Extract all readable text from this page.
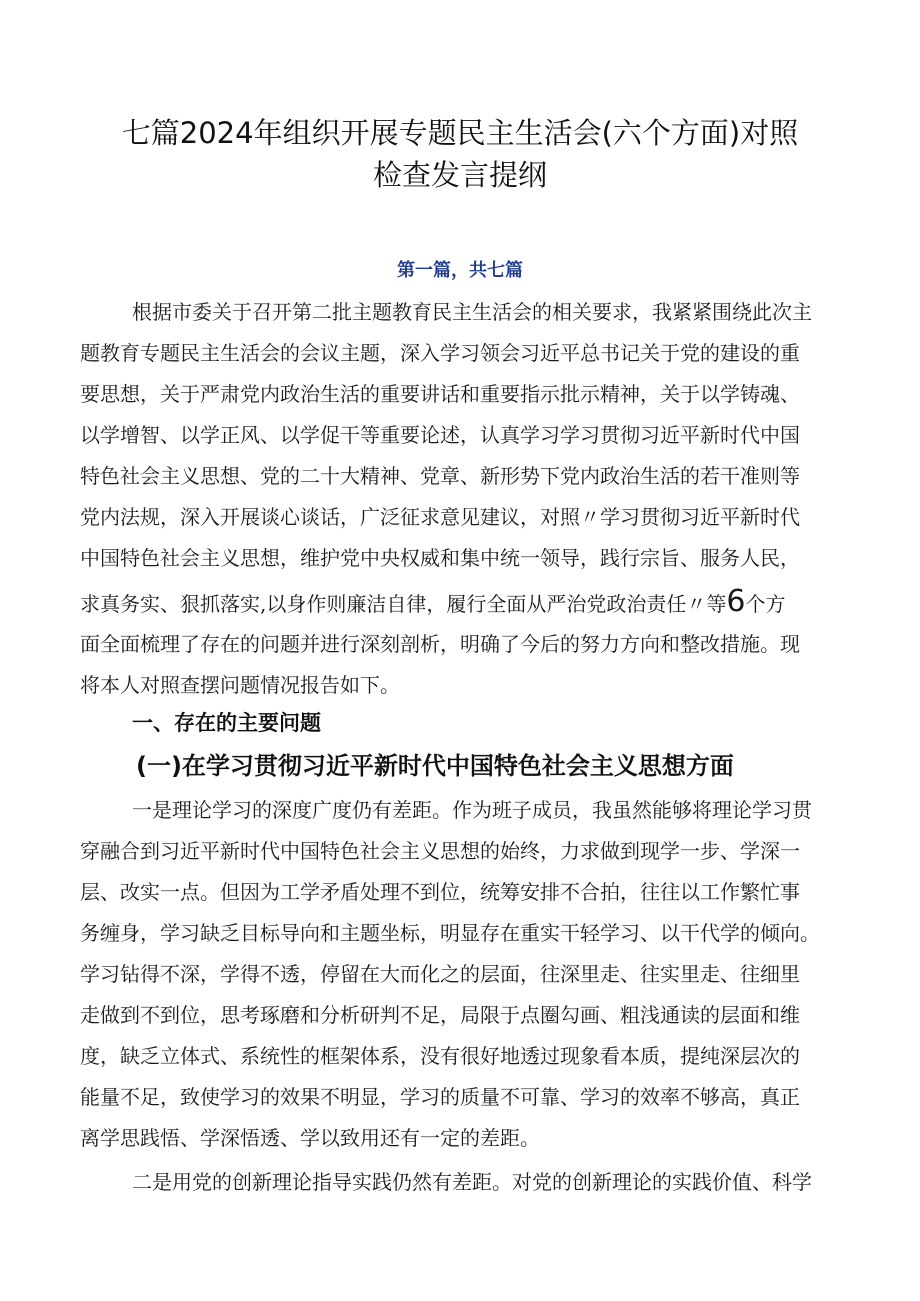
七篇2024年组织开展专题民主生活会(六个方面)对照
检查发言提纲

第一篇，共七篇

根据市委关于召开第二批主题教育民主生活会的相关要求，我紧紧围绕此次主

题教育专题民主生活会的会议主题，深入学习领会习近平总书记关于党的建设的重

要思想，关于严肃党内政治生活的重要讲话和重要指示批示精神，关于以学铸魂、

以学增智、以学正风、以学促干等重要论述，认真学习学习贯彻习近平新时代中国

特色社会主义思想、党的二十大精神、党章、新形势下党内政治生活的若干准则等

党内法规，深入开展谈心谈话，广泛征求意见建议，对照〃学习贯彻习近平新时代

中国特色社会主义思想，维护党中央权威和集中统一领导，践行宗旨、服务人民，

求真务实、狠抓落实,以身作则廉洁自律，履行全面从严治党政治责任〃等6个方

面全面梳理了存在的问题并进行深刻剖析，明确了今后的努力方向和整改措施。现

将本人对照查摆问题情况报告如下。

一、存在的主要问题
(一)在学习贯彻习近平新时代中国特色社会主义思想方面

一是理论学习的深度广度仍有差距。作为班子成员，我虽然能够将理论学习贯

穿融合到习近平新时代中国特色社会主义思想的始终，力求做到现学一步、学深一

层、改实一点。但因为工学矛盾处理不到位，统筹安排不合拍，往往以工作繁忙事

务缠身，学习缺乏目标导向和主题坐标，明显存在重实干轻学习、以干代学的倾向。

学习钻得不深，学得不透，停留在大而化之的层面，往深里走、往实里走、往细里

走做到不到位，思考琢磨和分析研判不足，局限于点圈勾画、粗浅通读的层面和维

度，缺乏立体式、系统性的框架体系，没有很好地透过现象看本质，提纯深层次的

能量不足，致使学习的效果不明显，学习的质量不可靠、学习的效率不够高，真正

离学思践悟、学深悟透、学以致用还有一定的差距。

二是用党的创新理论指导实践仍然有差距。对党的创新理论的实践价值、科学
